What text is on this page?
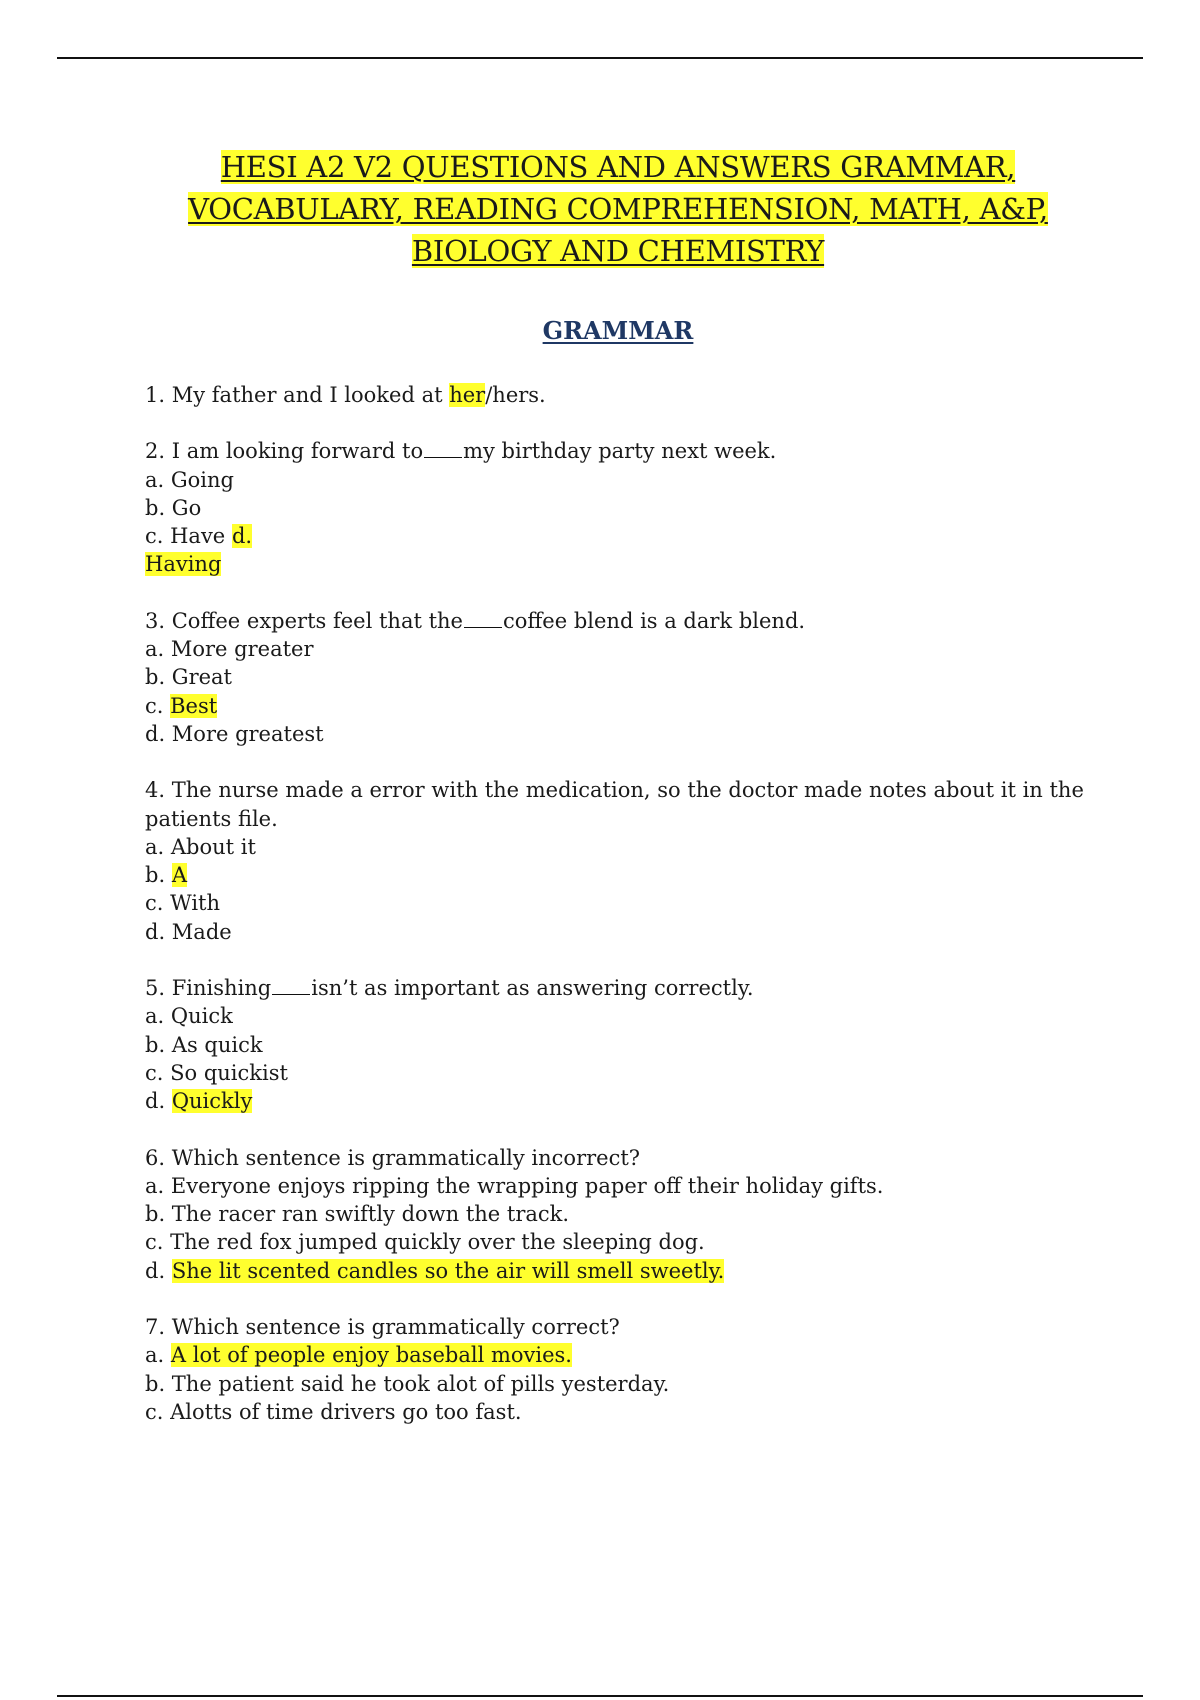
HESI A2 V2 QUESTIONS AND ANSWERS GRAMMAR,
VOCABULARY, READING COMPREHENSION, MATH, A&P,
BIOLOGY AND CHEMISTRY
GRAMMAR
1. My father and I looked at her/hers.
2. I am looking forward to my birthday party next week.
a. Going
b. Go
c. Have d.
Having
3. Coffee experts feel that the coffee blend is a dark blend.
a. More greater
b. Great
c. Best
d. More greatest
4. The nurse made a error with the medication, so the doctor made notes about it in the
patients file.
a. About it
b. A
c. With
d. Made
5. Finishing isn’t as important as answering correctly.
a. Quick
b. As quick
c. So quickist
d. Quickly
6. Which sentence is grammatically incorrect?
a. Everyone enjoys ripping the wrapping paper off their holiday gifts.
b. The racer ran swiftly down the track.
c. The red fox jumped quickly over the sleeping dog.
d. She lit scented candles so the air will smell sweetly.
7. Which sentence is grammatically correct?
a. A lot of people enjoy baseball movies.
b. The patient said he took alot of pills yesterday.
c. Alotts of time drivers go too fast.
